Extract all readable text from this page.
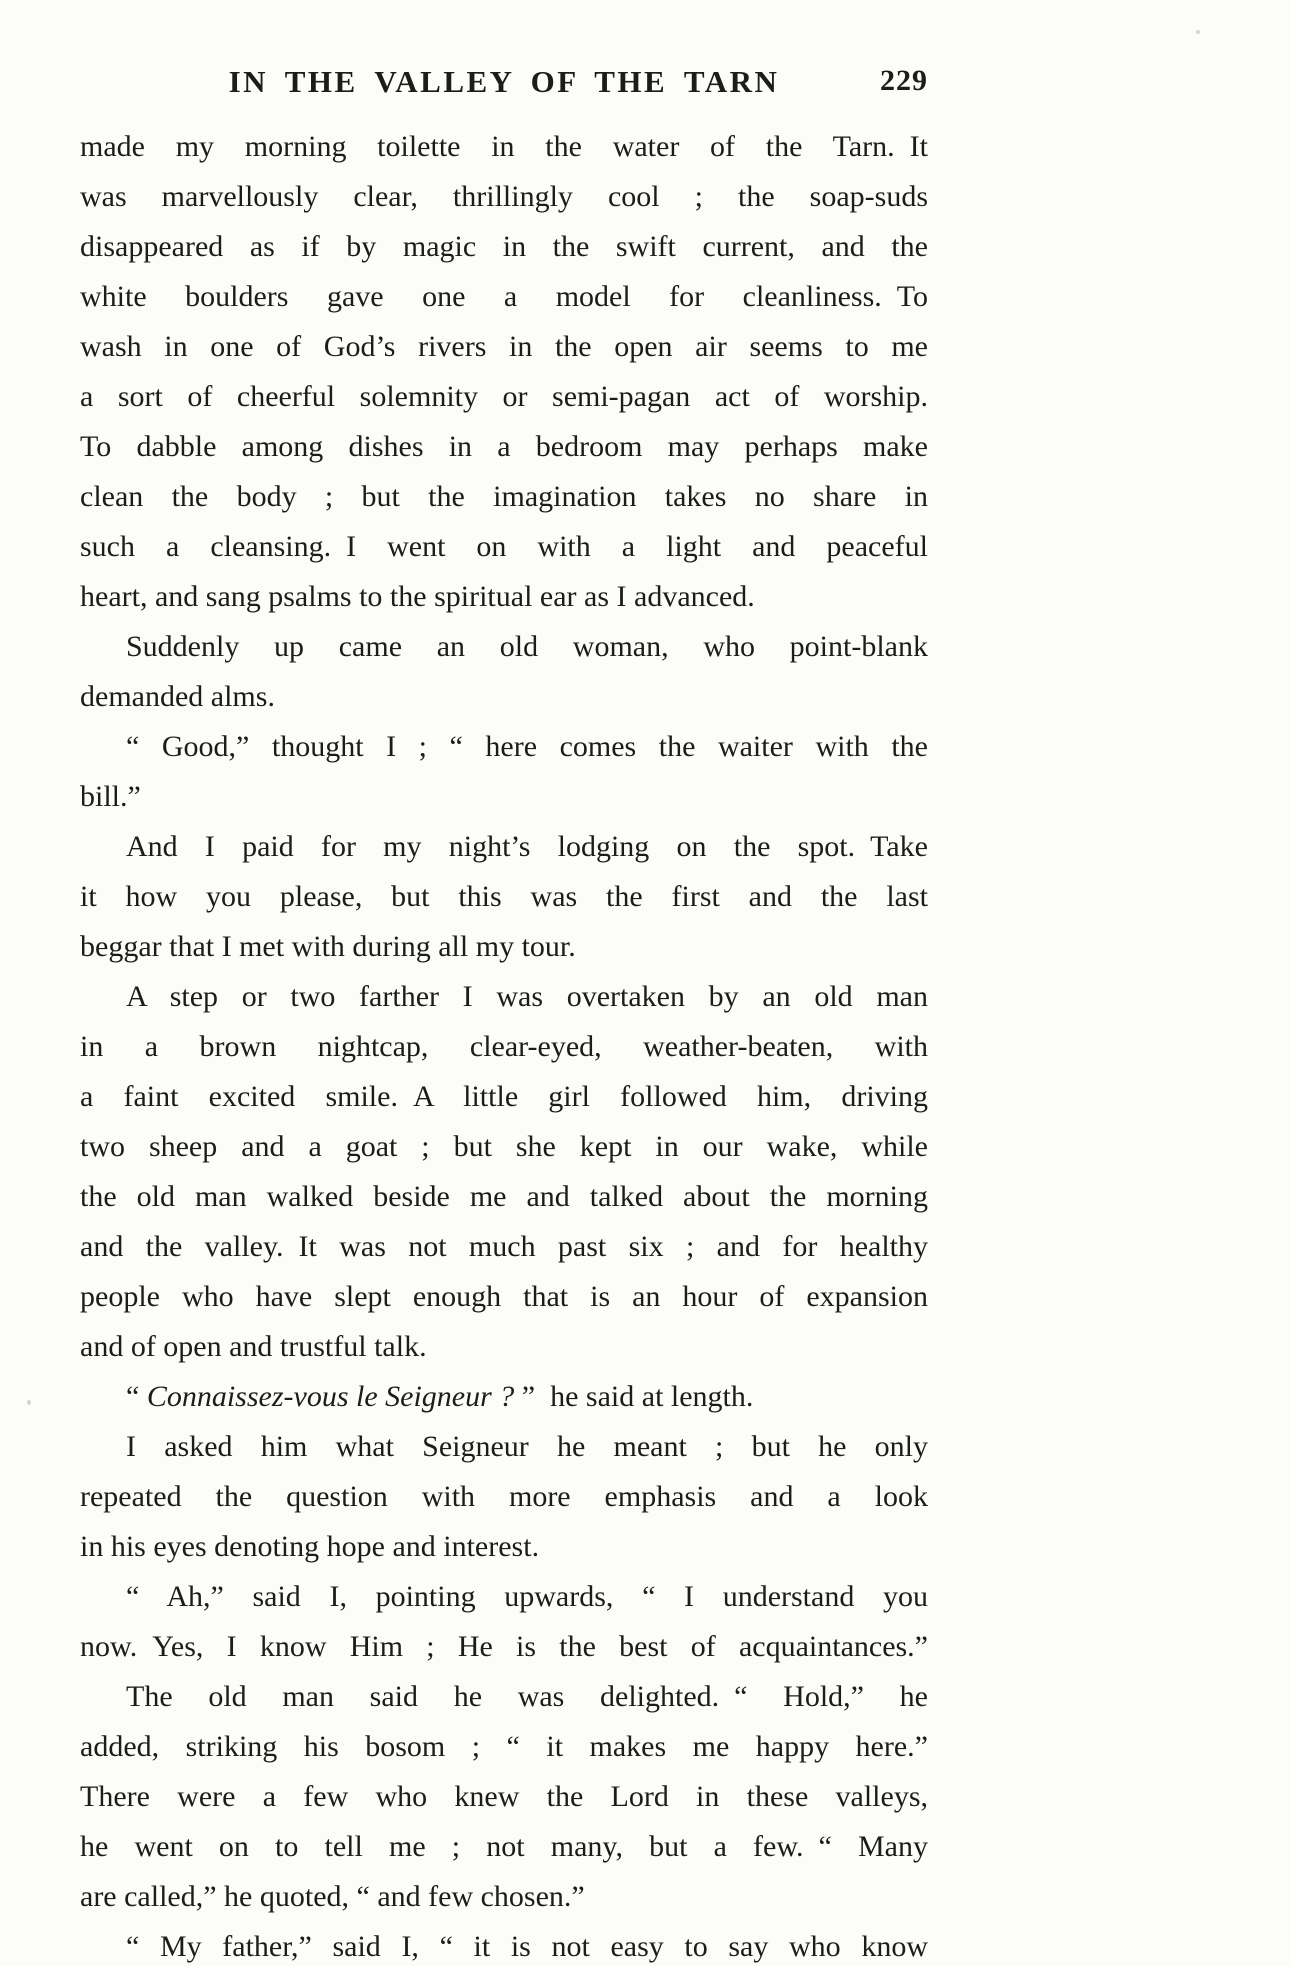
IN THE VALLEY OF THE TARN	229
made my morning toilette in the water of the Tarn. It
was marvellously clear, thrillingly cool ; the soap-suds
disappeared as if by magic in the swift current, and the
white boulders gave one a model for cleanliness. To
wash in one of God’s rivers in the open air seems to me
a sort of cheerful solemnity or semi-pagan act of worship.
To dabble among dishes in a bedroom may perhaps make
clean the body ; but the imagination takes no share in
such a cleansing. I went on with a light and peaceful
heart, and sang psalms to the spiritual ear as I advanced.
Suddenly up came an old woman, who point-blank
demanded alms.
“ Good,” thought I ; “ here comes the waiter with the
bill.”
And I paid for my night’s lodging on the spot. Take
it how you please, but this was the first and the last
beggar that I met with during all my tour.
A step or two farther I was overtaken by an old man
in a brown nightcap, clear-eyed, weather-beaten, with
a faint excited smile. A little girl followed him, driving
two sheep and a goat ; but she kept in our wake, while
the old man walked beside me and talked about the morning
and the valley. It was not much past six ; and for healthy
people who have slept enough that is an hour of expansion
and of open and trustful talk.
“ Connaissez-vous le Seigneur ? ” he said at length.
I asked him what Seigneur he meant ; but he only
repeated the question with more emphasis and a look
in his eyes denoting hope and interest.
“ Ah,” said I, pointing upwards, “ I understand you
now. Yes, I know Him ; He is the best of acquaintances.”
The old man said he was delighted. “ Hold,” he
added, striking his bosom ; “ it makes me happy here.”
There were a few who knew the Lord in these valleys,
he went on to tell me ; not many, but a few. “ Many
are called,” he quoted, “ and few chosen.”
“ My father,” said I, “ it is not easy to say who know
